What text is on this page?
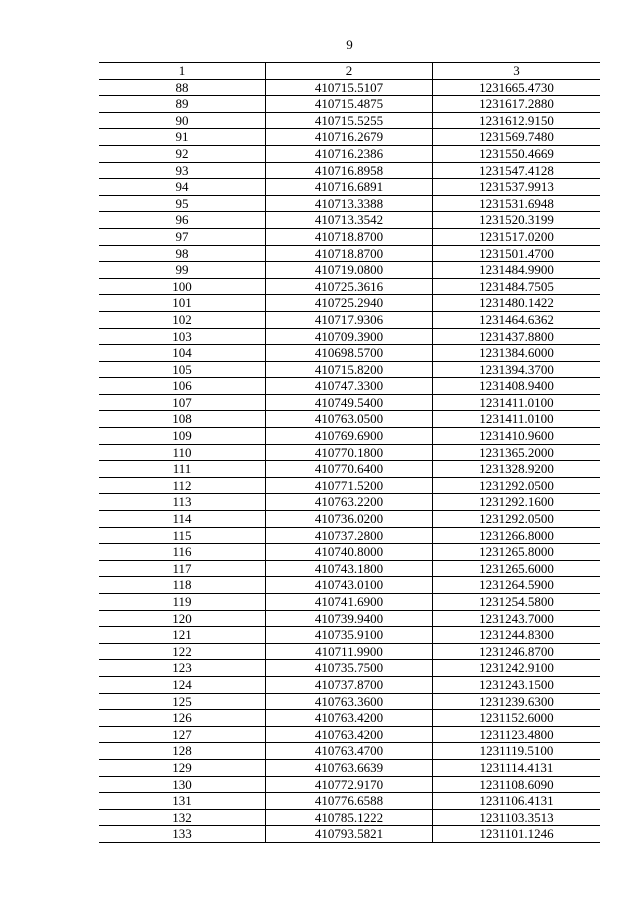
9
1	2	3
88	410715.5107	1231665.4730
89	410715.4875	1231617.2880
90	410715.5255	1231612.9150
91	410716.2679	1231569.7480
92	410716.2386	1231550.4669
93	410716.8958	1231547.4128
94	410716.6891	1231537.9913
95	410713.3388	1231531.6948
96	410713.3542	1231520.3199
97	410718.8700	1231517.0200
98	410718.8700	1231501.4700
99	410719.0800	1231484.9900
100	410725.3616	1231484.7505
101	410725.2940	1231480.1422
102	410717.9306	1231464.6362
103	410709.3900	1231437.8800
104	410698.5700	1231384.6000
105	410715.8200	1231394.3700
106	410747.3300	1231408.9400
107	410749.5400	1231411.0100
108	410763.0500	1231411.0100
109	410769.6900	1231410.9600
110	410770.1800	1231365.2000
111	410770.6400	1231328.9200
112	410771.5200	1231292.0500
113	410763.2200	1231292.1600
114	410736.0200	1231292.0500
115	410737.2800	1231266.8000
116	410740.8000	1231265.8000
117	410743.1800	1231265.6000
118	410743.0100	1231264.5900
119	410741.6900	1231254.5800
120	410739.9400	1231243.7000
121	410735.9100	1231244.8300
122	410711.9900	1231246.8700
123	410735.7500	1231242.9100
124	410737.8700	1231243.1500
125	410763.3600	1231239.6300
126	410763.4200	1231152.6000
127	410763.4200	1231123.4800
128	410763.4700	1231119.5100
129	410763.6639	1231114.4131
130	410772.9170	1231108.6090
131	410776.6588	1231106.4131
132	410785.1222	1231103.3513
133	410793.5821	1231101.1246
